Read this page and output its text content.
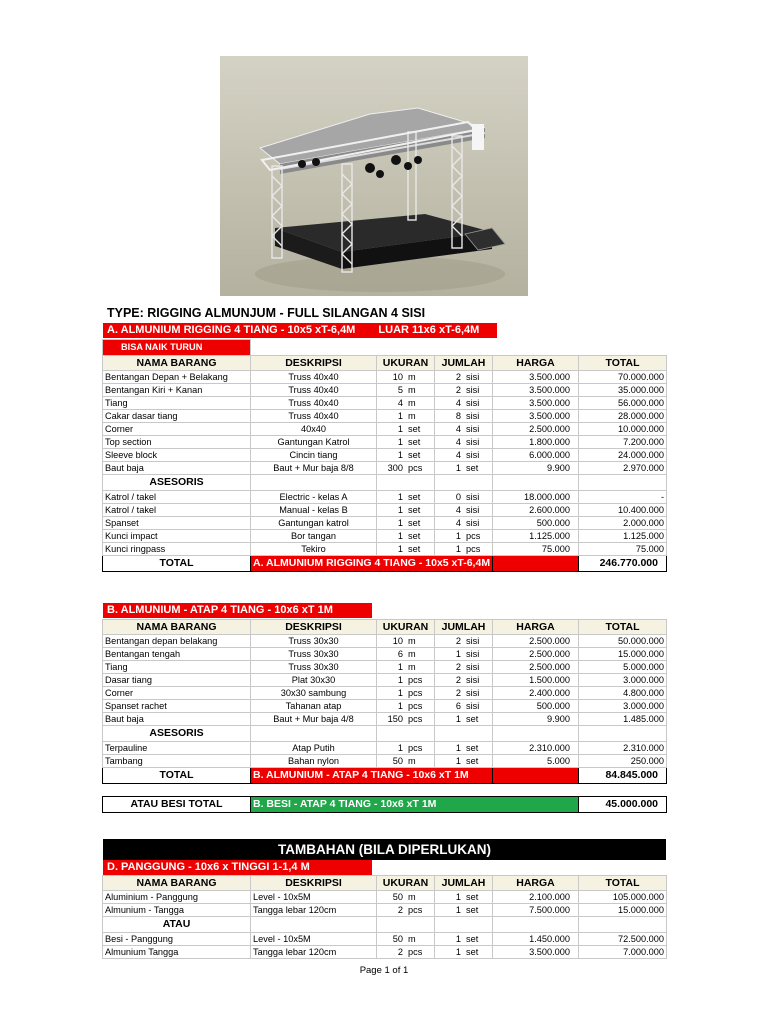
TYPE: RIGGING ALMUNJUM - FULL SILANGAN 4 SISI
A. ALMUNIUM RIGGING 4 TIANG - 10x5 xT-6,4M LUAR 11x6 xT-6,4M
BISA NAIK TURUN					
NAMA BARANG	DESKRIPSI	UKURAN	JUMLAH	HARGA	TOTAL
Bentangan Depan + Belakang	Truss 40x40	10 m	2 sisi	3.500.000	70.000.000
Bentangan Kiri + Kanan	Truss 40x40	5 m	2 sisi	3.500.000	35.000.000
Tiang	Truss 40x40	4 m	4 sisi	3.500.000	56.000.000
Cakar dasar tiang	Truss 40x40	1 m	8 sisi	3.500.000	28.000.000
Corner	40x40	1 set	4 sisi	2.500.000	10.000.000
Top section	Gantungan Katrol	1 set	4 sisi	1.800.000	7.200.000
Sleeve block	Cincin tiang	1 set	4 sisi	6.000.000	24.000.000
Baut baja	Baut + Mur baja 8/8	300 pcs	1 set	9.900	2.970.000
ASESORIS					
Katrol / takel	Electric - kelas A	1 set	0 sisi	18.000.000	-
Katrol / takel	Manual - kelas B	1 set	4 sisi	2.600.000	10.400.000
Spanset	Gantungan katrol	1 set	4 sisi	500.000	2.000.000
Kunci impact	Bor tangan	1 set	1 pcs	1.125.000	1.125.000
Kunci ringpass	Tekiro	1 set	1 pcs	75.000	75.000
TOTAL	A. ALMUNIUM RIGGING 4 TIANG - 10x5 xT-6,4M				246.770.000
B. ALMUNIUM - ATAP 4 TIANG - 10x6 xT 1M
NAMA BARANG	DESKRIPSI	UKURAN	JUMLAH	HARGA	TOTAL
Bentangan depan belakang	Truss 30x30	10 m	2 sisi	2.500.000	50.000.000
Bentangan tengah	Truss 30x30	6 m	1 sisi	2.500.000	15.000.000
Tiang	Truss 30x30	1 m	2 sisi	2.500.000	5.000.000
Dasar tiang	Plat 30x30	1 pcs	2 sisi	1.500.000	3.000.000
Corner	30x30 sambung	1 pcs	2 sisi	2.400.000	4.800.000
Spanset rachet	Tahanan atap	1 pcs	6 sisi	500.000	3.000.000
Baut baja	Baut + Mur baja 4/8	150 pcs	1 set	9.900	1.485.000
ASESORIS					
Terpauline	Atap Putih	1 pcs	1 set	2.310.000	2.310.000
Tambang	Bahan nylon	50 m	1 set	5.000	250.000
TOTAL	B. ALMUNIUM - ATAP 4 TIANG - 10x6 xT 1M				84.845.000
ATAU BESI TOTAL	B. BESI - ATAP 4 TIANG - 10x6 xT 1M	45.000.000
TAMBAHAN (BILA DIPERLUKAN)
D. PANGGUNG - 10x6 x TINGGI 1-1,4 M
NAMA BARANG	DESKRIPSI	UKURAN	JUMLAH	HARGA	TOTAL
Aluminium - Panggung	Level - 10x5M	50 m	1 set	2.100.000	105.000.000
Almunium - Tangga	Tangga lebar 120cm	2 pcs	1 set	7.500.000	15.000.000
ATAU					
Besi - Panggung	Level - 10x5M	50 m	1 set	1.450.000	72.500.000
Almunium Tangga	Tangga lebar 120cm	2 pcs	1 set	3.500.000	7.000.000
Page 1 of 1
